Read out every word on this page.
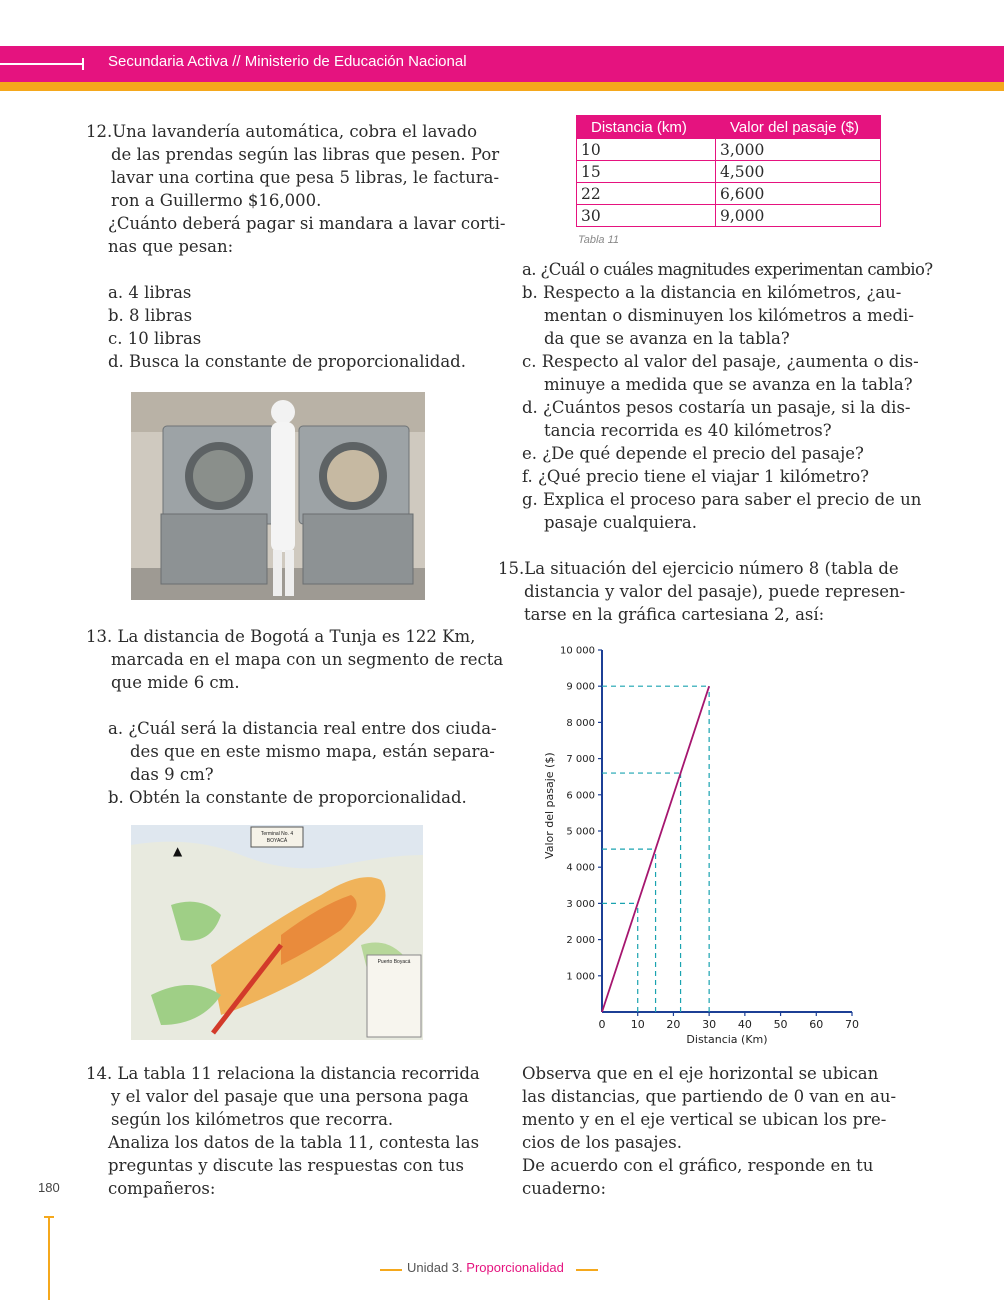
Secundaria Activa // Ministerio de Educación Nacional
12.Una lavandería automática, cobra el lavado
de las prendas según las libras que pesen. Por
lavar una cortina que pesa 5 libras, le factura-
ron a Guillermo $16,000.
¿Cuánto deberá pagar si mandara a lavar corti-
nas que pesan:
a. 4 libras
b. 8 libras
c. 10 libras
d. Busca la constante de proporcionalidad.
13. La distancia de Bogotá a Tunja es 122 Km,
marcada en el mapa con un segmento de recta
que mide 6 cm.
a. ¿Cuál será la distancia real entre dos ciuda-
des que en este mismo mapa, están separa-
das 9 cm?
b. Obtén la constante de proporcionalidad.
Terminal No. 4
BOYACÁ
Puerto Boyacá
▲
14. La tabla 11 relaciona la distancia recorrida
y el valor del pasaje que una persona paga
según los kilómetros que recorra.
Analiza los datos de la tabla 11, contesta las
preguntas y discute las respuestas con tus
compañeros:
Distancia (km)	Valor del pasaje ($)
10	3,000
15	4,500
22	6,600
30	9,000
Tabla 11
a. ¿Cuál o cuáles magnitudes experimentan cambio?
b. Respecto a la distancia en kilómetros, ¿au-
mentan o disminuyen los kilómetros a medi-
da que se avanza en la tabla?
c. Respecto al valor del pasaje, ¿aumenta o dis-
minuye a medida que se avanza en la tabla?
d. ¿Cuántos pesos costaría un pasaje, si la dis-
tancia recorrida es 40 kilómetros?
e. ¿De qué depende el precio del pasaje?
f. ¿Qué precio tiene el viajar 1 kilómetro?
g. Explica el proceso para saber el precio de un
pasaje cualquiera.
15.La situación del ejercicio número 8 (tabla de
distancia y valor del pasaje), puede represen-
tarse en la gráfica cartesiana 2, así:
1 000
2 000
3 000
4 000
5 000
6 000
7 000
8 000
9 000
10 000
0 10 20 30 40 50 60 70
Distancia (Km)
Valor del pasaje ($)
Observa que en el eje horizontal se ubican
las distancias, que partiendo de 0 van en au-
mento y en el eje vertical se ubican los pre-
cios de los pasajes.
De acuerdo con el gráfico, responde en tu
cuaderno:
180
Unidad 3. Proporcionalidad
